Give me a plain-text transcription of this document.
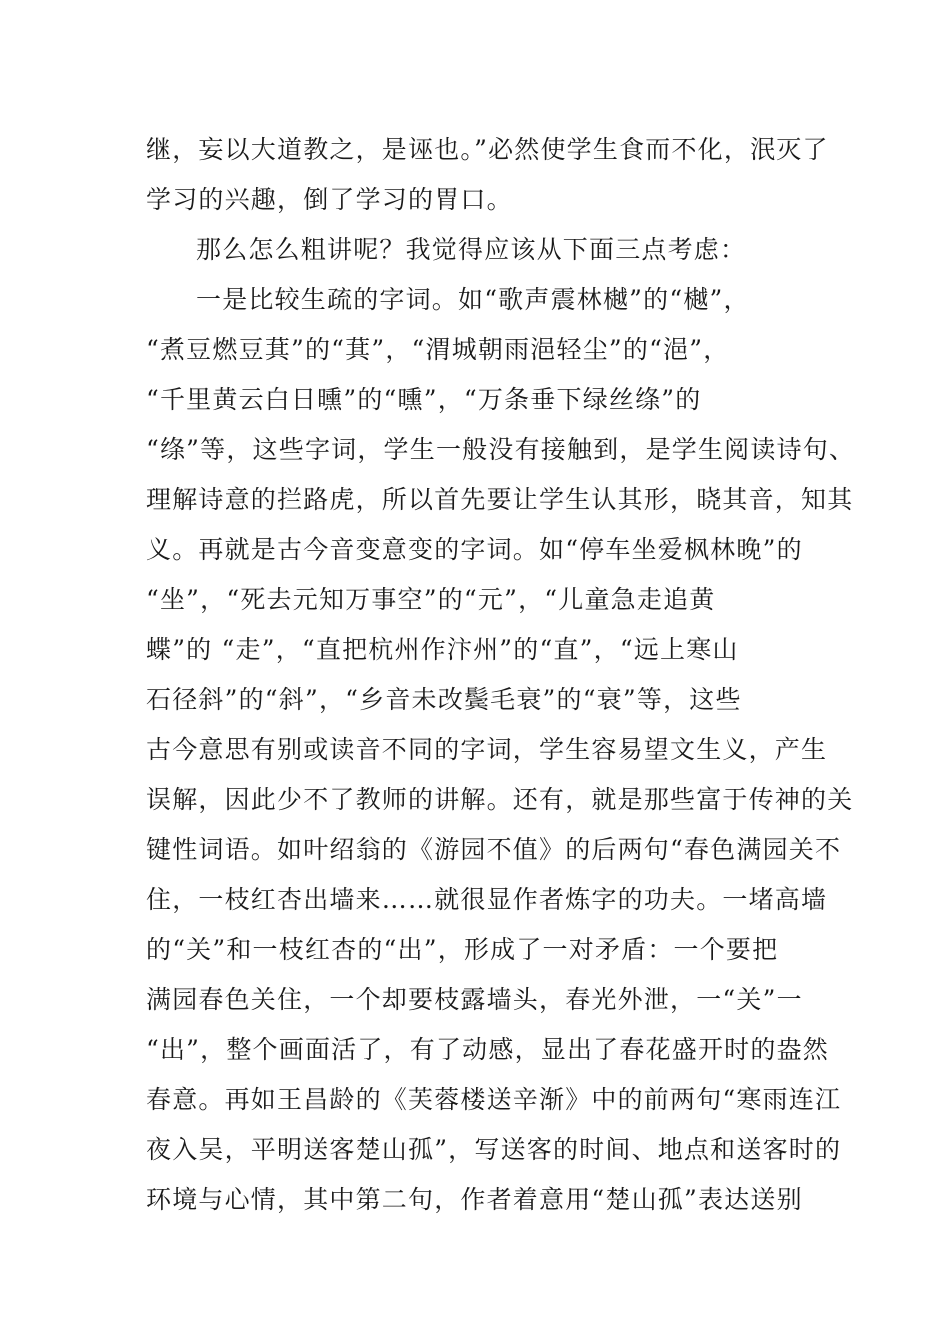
继，妄以大道教之，是诬也。”必然使学生食而不化，泯灭了
学习的兴趣，倒了学习的胃口。
那么怎么粗讲呢？我觉得应该从下面三点考虑：
一是比较生疏的字词。如“歌声震林樾”的“樾”，
“煮豆燃豆萁”的“萁”，“渭城朝雨浥轻尘”的“浥”，
“千里黄云白日曛”的“曛”，“万条垂下绿丝绦”的
“绦”等，这些字词，学生一般没有接触到，是学生阅读诗句、
理解诗意的拦路虎，所以首先要让学生认其形，晓其音，知其
义。再就是古今音变意变的字词。如“停车坐爱枫林晚”的
“坐”，“死去元知万事空”的“元”，“儿童急走追黄
蝶”的 “走”，“直把杭州作汴州”的“直”，“远上寒山
石径斜”的“斜”，“乡音未改鬓毛衰”的“衰”等，这些
古今意思有别或读音不同的字词，学生容易望文生义，产生
误解，因此少不了教师的讲解。还有，就是那些富于传神的关
键性词语。如叶绍翁的《游园不值》的后两句“春色满园关不
住，一枝红杏出墙来……就很显作者炼字的功夫。一堵高墙
的“关”和一枝红杏的“出”，形成了一对矛盾：一个要把
满园春色关住，一个却要枝露墙头，春光外泄，一“关”一
“出”，整个画面活了，有了动感，显出了春花盛开时的盎然
春意。再如王昌龄的《芙蓉楼送辛渐》中的前两句“寒雨连江
夜入吴，平明送客楚山孤”，写送客的时间、地点和送客时的
环境与心情，其中第二句，作者着意用“楚山孤”表达送别
